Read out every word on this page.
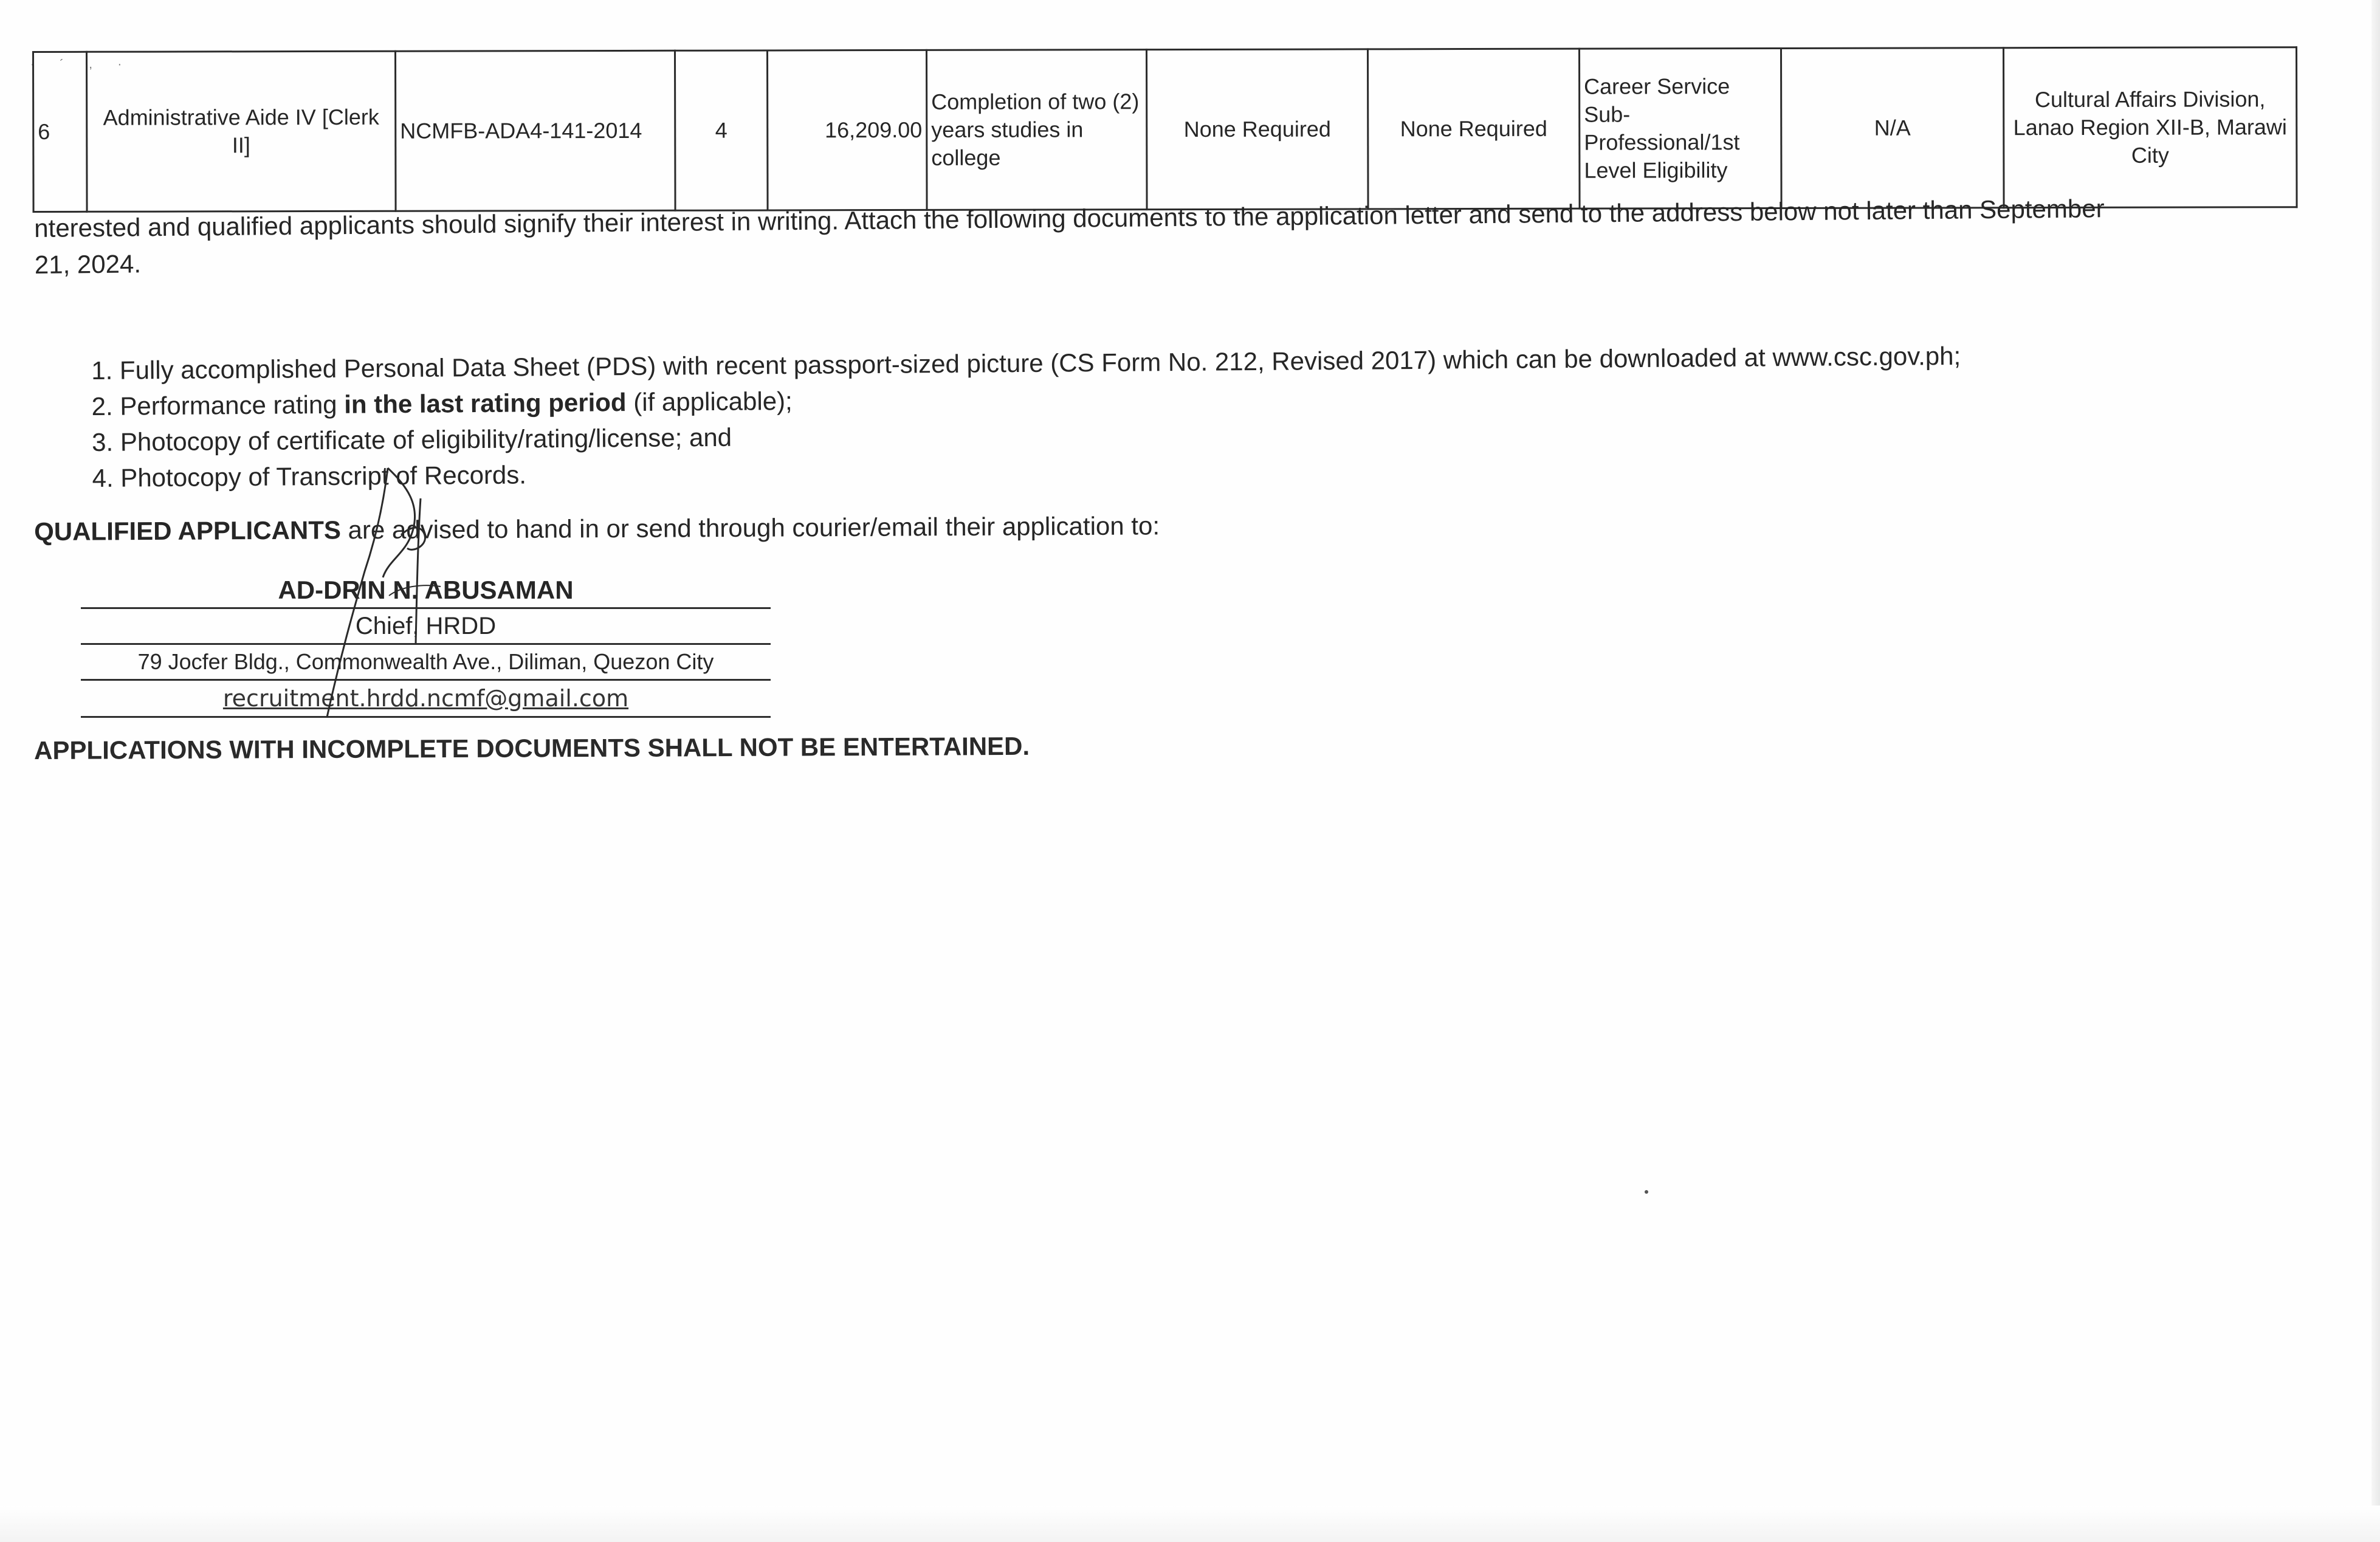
· ´ , ·
6	Administrative Aide IV [Clerk II]	NCMFB-ADA4-141-2014	4	16,209.00	Completion of two (2) years studies in college	None Required	None Required	Career Service Sub-Professional/1st Level Eligibility	N/A	Cultural Affairs Division, Lanao Region XII-B, Marawi City
nterested and qualified applicants should signify their interest in writing. Attach the following documents to the application letter and send to the address below not later than September
21, 2024.
1. Fully accomplished Personal Data Sheet (PDS) with recent passport-sized picture (CS Form No. 212, Revised 2017) which can be downloaded at www.csc.gov.ph;
2. Performance rating in the last rating period (if applicable);
3. Photocopy of certificate of eligibility/rating/license; and
4. Photocopy of Transcript of Records.
QUALIFIED APPLICANTS are advised to hand in or send through courier/email their application to:
AD-DRIN N. ABUSAMAN
Chief, HRDD
79 Jocfer Bldg., Commonwealth Ave., Diliman, Quezon City
recruitment.hrdd.ncmf@gmail.com
APPLICATIONS WITH INCOMPLETE DOCUMENTS SHALL NOT BE ENTERTAINED.
